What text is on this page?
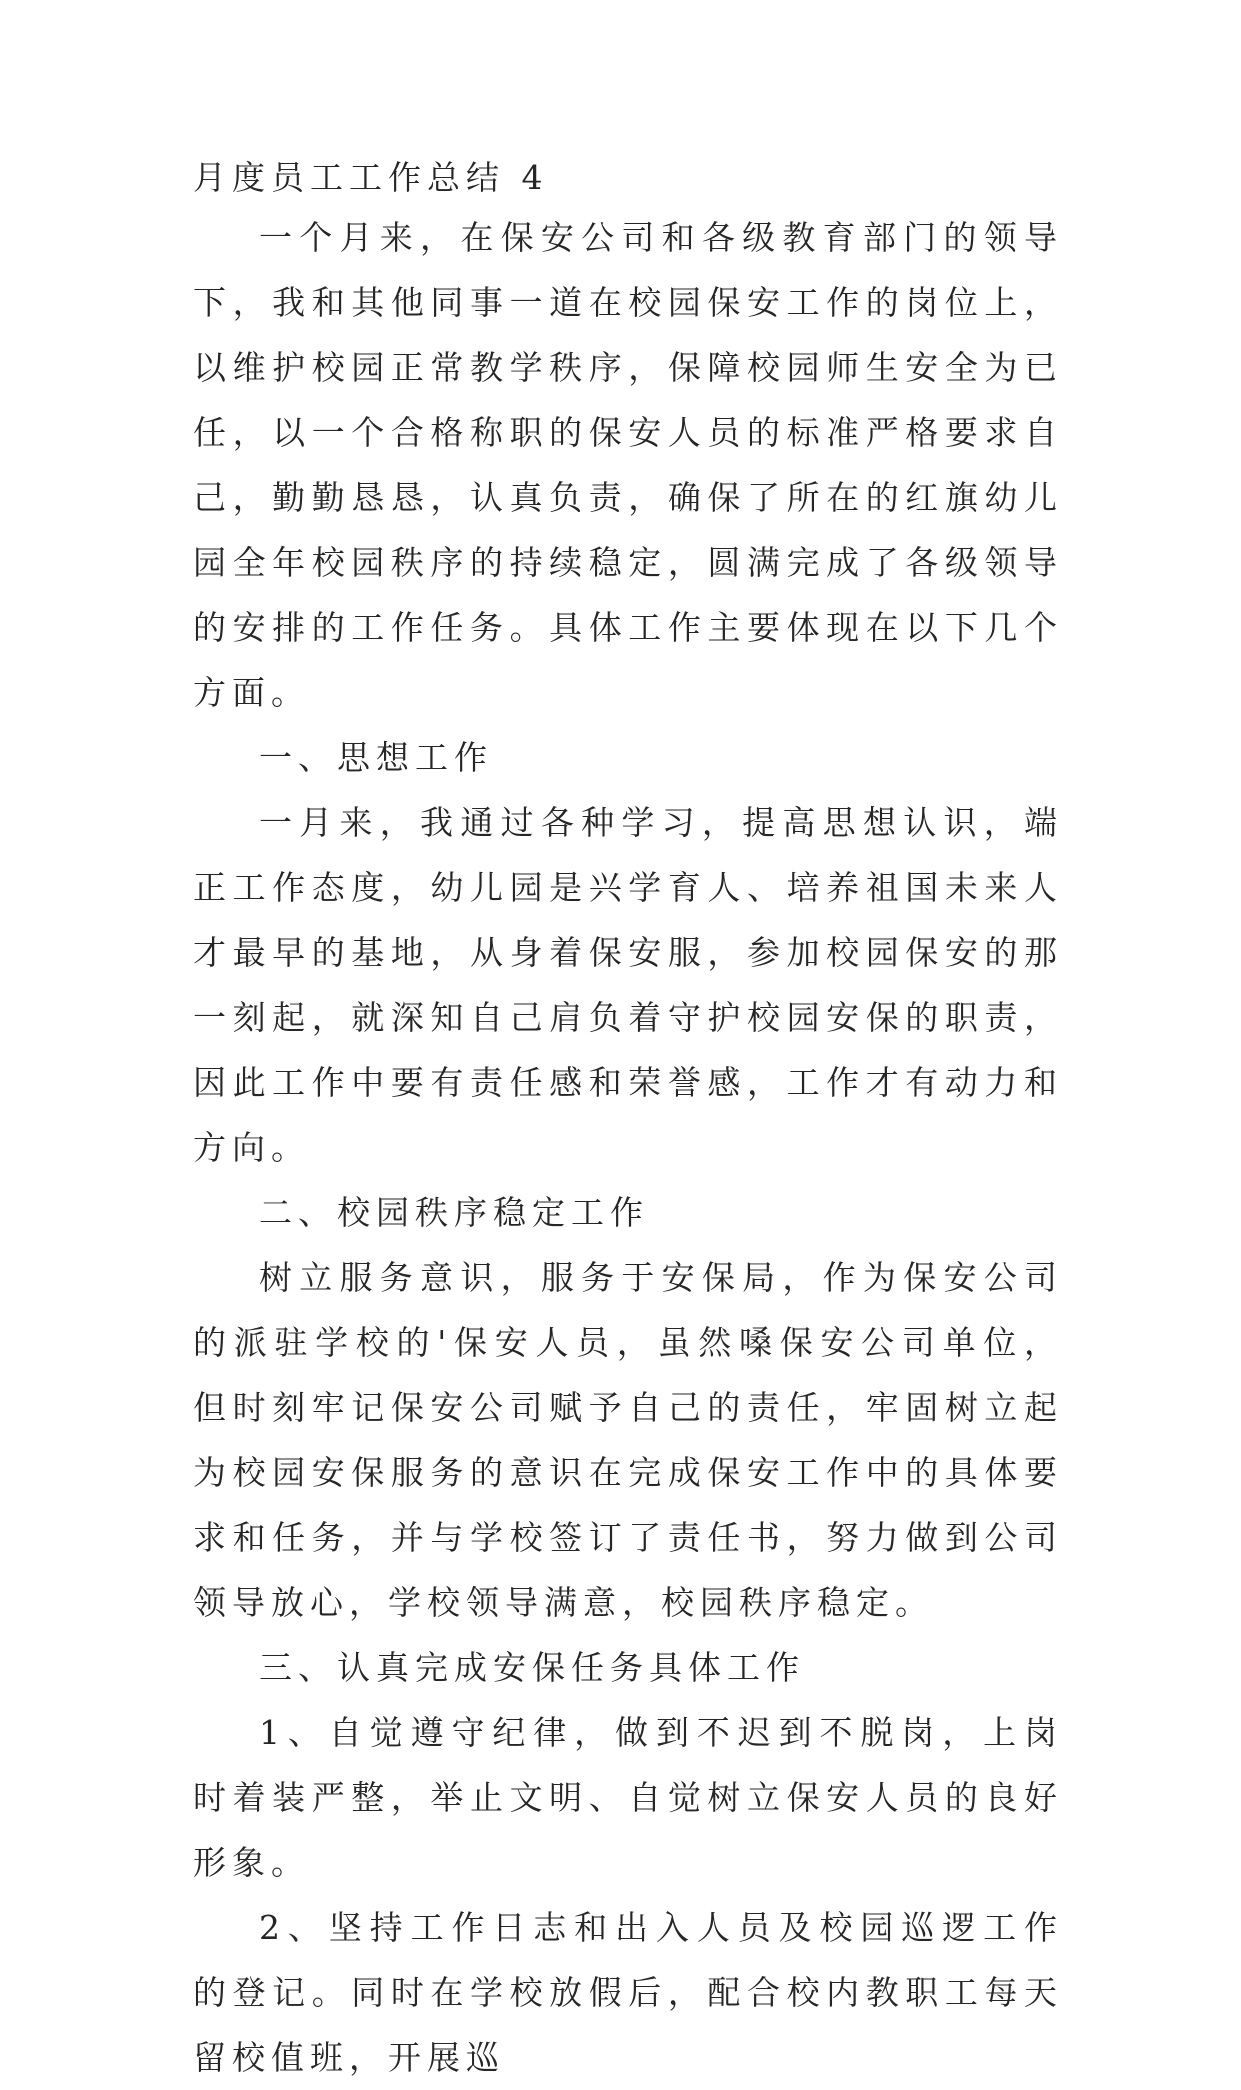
月度员工工作总结 4

一个月来，在保安公司和各级教育部门的领导下，我和其他同事一道在校园保安工作的岗位上，以维护校园正常教学秩序，保障校园师生安全为已任，以一个合格称职的保安人员的标准严格要求自己，勤勤恳恳，认真负责，确保了所在的红旗幼儿园全年校园秩序的持续稳定，圆满完成了各级领导的安排的工作任务。具体工作主要体现在以下几个方面。

一、思想工作

一月来，我通过各种学习，提高思想认识，端正工作态度，幼儿园是兴学育人、培养祖国未来人才最早的基地，从身着保安服，参加校园保安的那一刻起，就深知自己肩负着守护校园安保的职责，因此工作中要有责任感和荣誉感，工作才有动力和方向。

二、校园秩序稳定工作

树立服务意识，服务于安保局，作为保安公司的派驻学校的'保安人员，虽然嗓保安公司单位，但时刻牢记保安公司赋予自己的责任，牢固树立起为校园安保服务的意识在完成保安工作中的具体要求和任务，并与学校签订了责任书，努力做到公司领导放心，学校领导满意，校园秩序稳定。

三、认真完成安保任务具体工作

1、自觉遵守纪律，做到不迟到不脱岗，上岗时着装严整，举止文明、自觉树立保安人员的良好形象。

2、坚持工作日志和出入人员及校园巡逻工作的登记。同时在学校放假后，配合校内教职工每天留校值班，开展巡
